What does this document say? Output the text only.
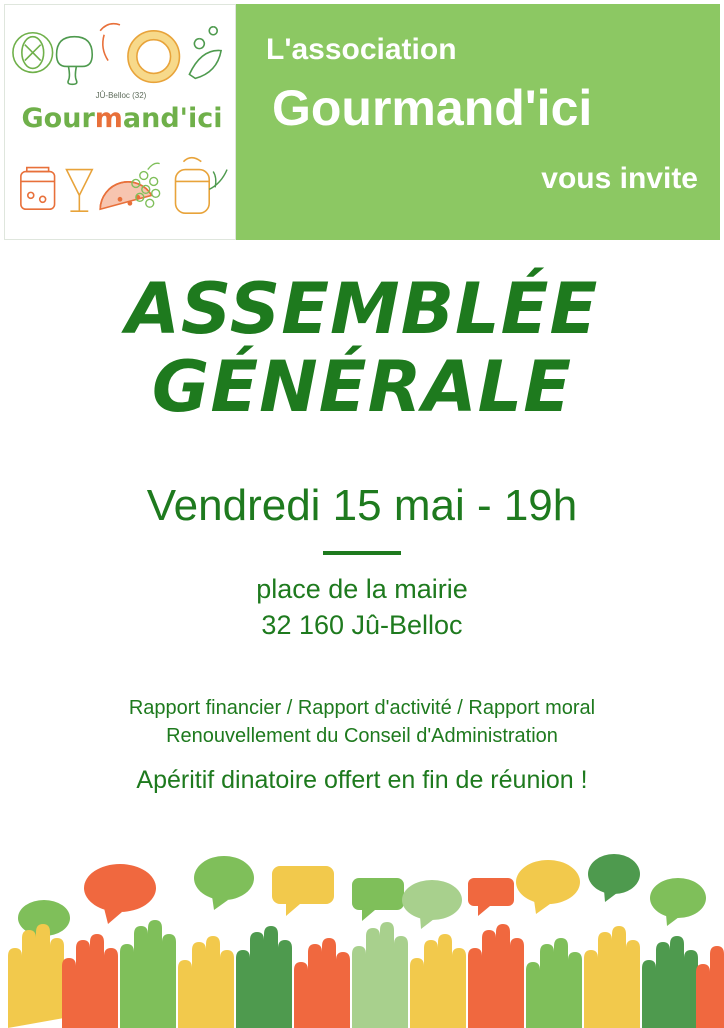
JÛ-Belloc (32)
Gourmand'ici
L'association
Gourmand'ici
vous invite
ASSEMBLÉE
GÉNÉRALE
Vendredi 15 mai - 19h
place de la mairie
32 160 Jû-Belloc
Rapport financier / Rapport d'activité / Rapport moral
Renouvellement du Conseil d'Administration
Apéritif dinatoire offert en fin de réunion !
